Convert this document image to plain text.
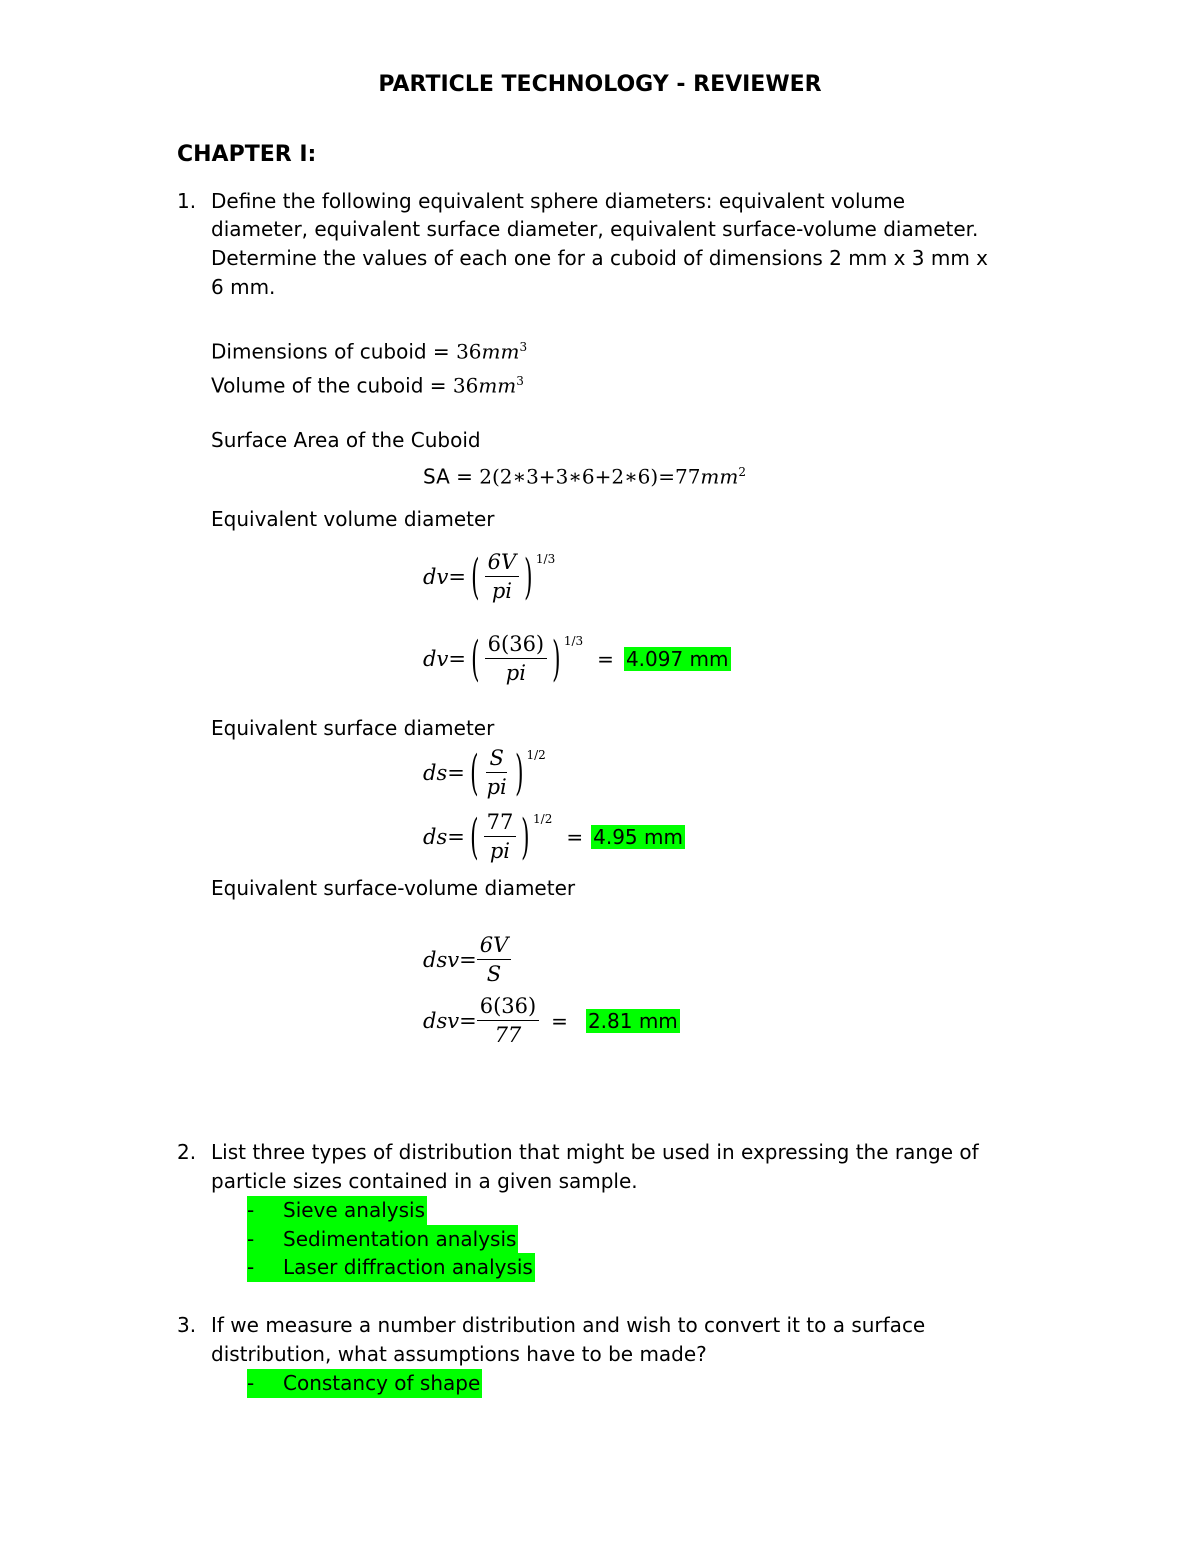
PARTICLE TECHNOLOGY - REVIEWER
CHAPTER I:
1. Define the following equivalent sphere diameters: equivalent volume
diameter, equivalent surface diameter, equivalent surface-volume diameter.
Determine the values of each one for a cuboid of dimensions 2 mm x 3 mm x
6 mm.
Dimensions of cuboid = $36mm^3$
Volume of the cuboid = $36mm^3$
Surface Area of the Cuboid
SA = $2(2∗3+3∗6+2∗6)=77mm^2$
Equivalent volume diameter
dv = ( $\frac{6V}{pi}$ ) 1/3
dv = ( $\frac{6(36)}{pi}$ ) 1/3
= 4.097 mm
Equivalent surface diameter
ds = ( $\frac{S}{pi}$ ) 1/2
ds = ( $\frac{77}{pi}$ ) 1/2
= 4.95 mm
Equivalent surface-volume diameter
dsv = $\frac{6V}{S}$
dsv = $\frac{6(36)}{77} = 2.81$ mm
2. List three types of distribution that might be used in expressing the range of
particle sizes contained in a given sample.
- Sieve analysis
- Sedimentation analysis
- Laser diffraction analysis
3. If we measure a number distribution and wish to convert it to a surface
distribution, what assumptions have to be made?
- Constancy of shape
